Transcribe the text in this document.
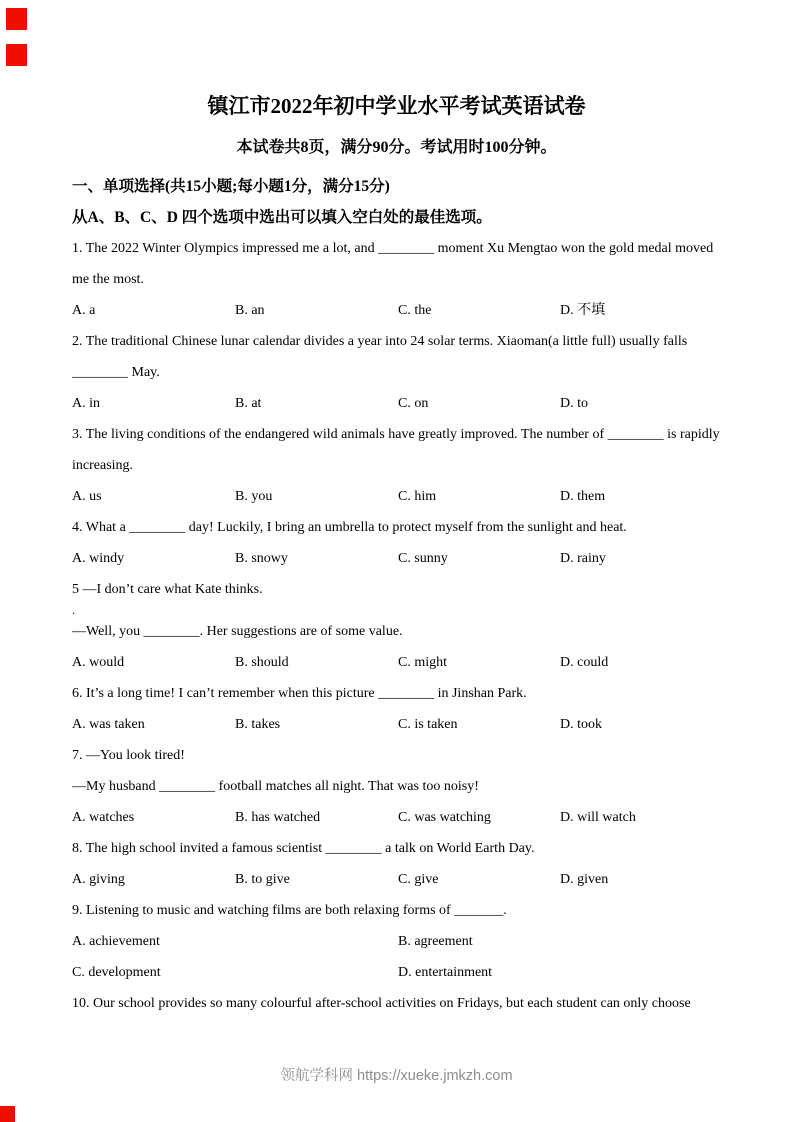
镇江市2022年初中学业水平考试英语试卷

本试卷共8页，满分90分。考试用时100分钟。

一、单项选择(共15小题;每小题1分，满分15分)

从A、B、C、D 四个选项中选出可以填入空白处的最佳选项。

1. The 2022 Winter Olympics impressed me a lot, and ________ moment Xu Mengtao won the gold medal moved

me the most.

A. a	B. an	C. the	D. 不填

2. The traditional Chinese lunar calendar divides a year into 24 solar terms. Xiaoman(a little full) usually falls

________ May.

A. in	B. at	C. on	D. to

3. The living conditions of the endangered wild animals have greatly improved. The number of ________ is rapidly

increasing.

A. us	B. you	C. him	D. them

4. What a ________ day! Luckily, I bring an umbrella to protect myself from the sunlight and heat.

A. windy	B. snowy	C. sunny	D. rainy

5 —I don’t care what Kate thinks.

.

—Well, you ________. Her suggestions are of some value.

A. would	B. should	C. might	D. could

6. It’s a long time! I can’t remember when this picture ________ in Jinshan Park.

A. was taken	B. takes	C. is taken	D. took

7. —You look tired!

—My husband ________ football matches all night. That was too noisy!

A. watches	B. has watched	C. was watching	D. will watch

8. The high school invited a famous scientist ________ a talk on World Earth Day.

A. giving	B. to give	C. give	D. given

9. Listening to music and watching films are both relaxing forms of _______.

A. achievement	B. agreement
C. development	D. entertainment

10. Our school provides so many colourful after-school activities on Fridays, but each student can only choose

领航学科网 https://xueke.jmkzh.com
